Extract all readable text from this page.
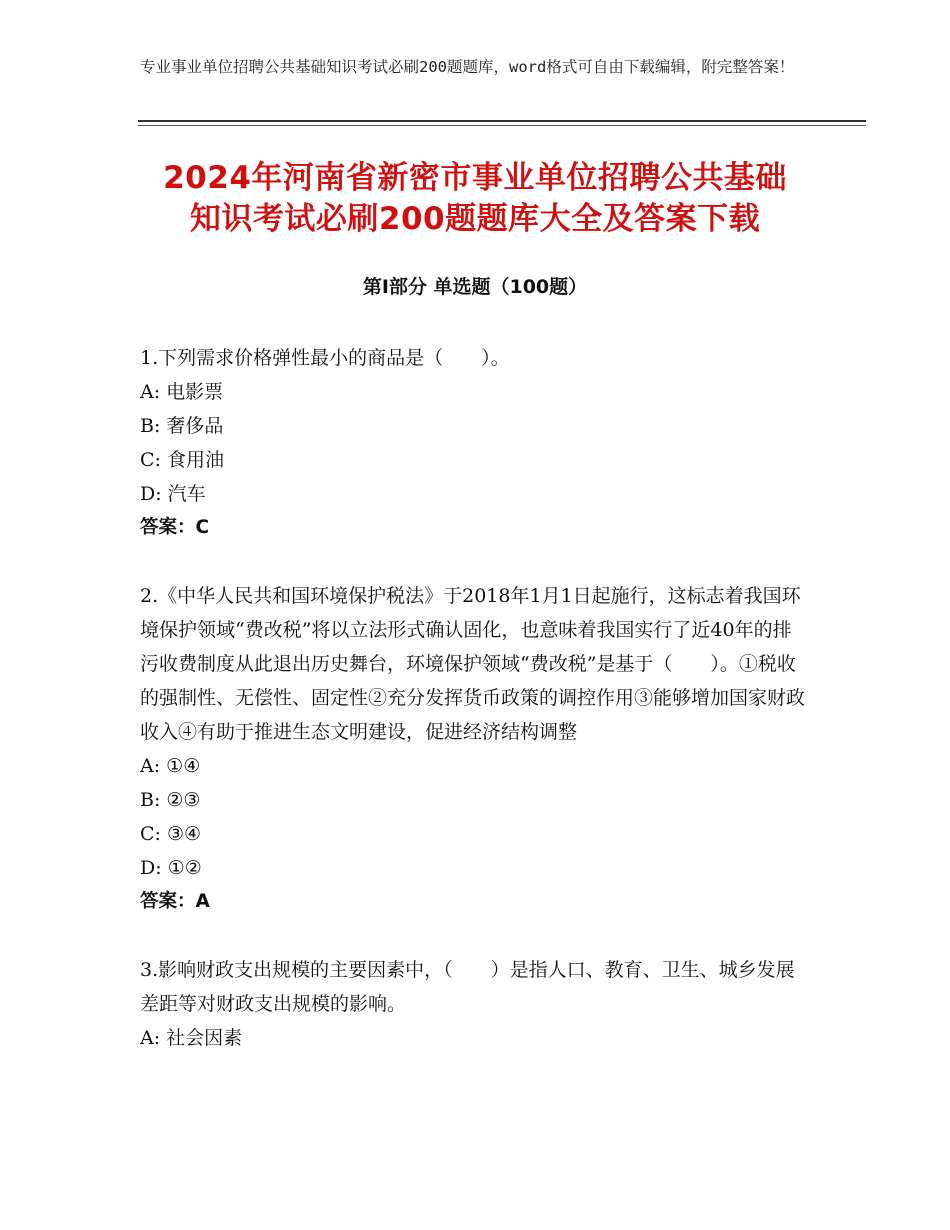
专业事业单位招聘公共基础知识考试必刷200题题库，word格式可自由下载编辑，附完整答案！
2024年河南省新密市事业单位招聘公共基础
知识考试必刷200题题库大全及答案下载
第Ⅰ部分 单选题（100题）
1.下列需求价格弹性最小的商品是（　　）。
A: 电影票
B: 奢侈品
C: 食用油
D: 汽车
答案：C
2.《中华人民共和国环境保护税法》于2018年1月1日起施行，这标志着我国环境保护领域“费改税”将以立法形式确认固化，也意味着我国实行了近40年的排污收费制度从此退出历史舞台，环境保护领域“费改税”是基于（　　）。①税收的强制性、无偿性、固定性②充分发挥货币政策的调控作用③能够增加国家财政收入④有助于推进生态文明建设，促进经济结构调整
A: ①④
B: ②③
C: ③④
D: ①②
答案：A
3.影响财政支出规模的主要因素中，（　　）是指人口、教育、卫生、城乡发展差距等对财政支出规模的影响。
A: 社会因素
